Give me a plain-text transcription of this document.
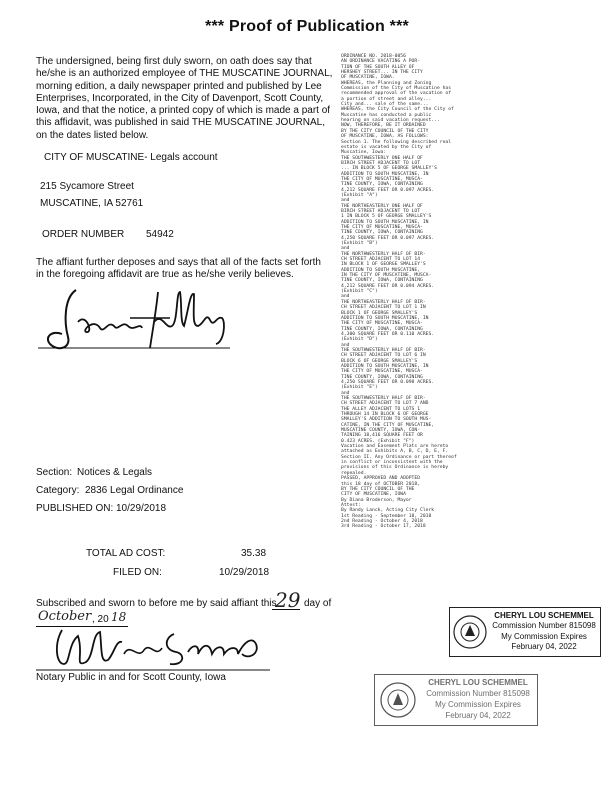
*** Proof of Publication ***
The undersigned, being first duly sworn, on oath does say that he/she is an authorized employee of THE MUSCATINE JOURNAL, morning edition, a daily newspaper printed and published by Lee Enterprises, Incorporated, in the City of Davenport, Scott County, Iowa, and that the notice, a printed copy of which is made a part of this affidavit, was published in said THE MUSCATINE JOURNAL, on the dates listed below.
CITY OF MUSCATINE- Legals account
215 Sycamore Street
MUSCATINE, IA 52761
ORDER NUMBER 54942
The affiant further deposes and says that all of the facts set forth in the foregoing affidavit are true as he/she verily believes.
Section: Notices & Legals
Category: 2836 Legal Ordinance
PUBLISHED ON: 10/29/2018
TOTAL AD COST:	35.38
FILED ON:	10/29/2018
Subscribed and sworn to before me by said affiant this
29 day of
October , 20 18
Notary Public in and for Scott County, Iowa
ORDINANCE NO. 2018-0056
AN ORDINANCE VACATING A POR-
TION OF THE SOUTH ALLEY OF
HERSHEY STREET... IN THE CITY
OF MUSCATINE, IOWA.
WHEREAS, the Planning and Zoning
Commission of the City of Muscatine has
recommended approval of the vacation of
a portion of street and alley...
City and... sale of the same...
WHEREAS, the City Council of the City of
Muscatine has conducted a public
hearing on said vacation request...
NOW, THEREFORE, BE IT ORDAINED
BY THE CITY COUNCIL OF THE CITY
OF MUSCATINE, IOWA, AS FOLLOWS:
Section 1. The following described real
estate is vacated by the City of
Muscatine, Iowa:
THE SOUTHWESTERLY ONE HALF OF
BIRCH STREET ADJACENT TO LOT
... IN BLOCK 5 OF GEORGE SMALLEY'S
ADDITION TO SOUTH MUSCATINE, IN
THE CITY OF MUSCATINE, MUSCA-
TINE COUNTY, IOWA, CONTAINING
4,212 SQUARE FEET OR 0.097 ACRES.
(Exhibit "A")
and
THE NORTHEASTERLY ONE HALF OF
BIRCH STREET ADJACENT TO LOT
1 IN BLOCK 5 OF GEORGE SMALLEY'S
ADDITION TO SOUTH MUSCATINE, IN
THE CITY OF MUSCATINE, MUSCA-
TINE COUNTY, IOWA, CONTAINING
4,250 SQUARE FEET OR 0.097 ACRES.
(Exhibit "B")
and
THE NORTHWESTERLY HALF OF BIR-
CH STREET ADJACENT TO LOT 14
IN BLOCK 1 OF GEORGE SMALLEY'S
ADDITION TO SOUTH MUSCATINE,
IN THE CITY OF MUSCATINE, MUSCA-
TINE COUNTY, IOWA, CONTAINING
4,212 SQUARE FEET OR 0.094 ACRES.
(Exhibit "C")
and
THE NORTHEASTERLY HALF OF BIR-
CH STREET ADJACENT TO LOT 1 IN
BLOCK 1 OF GEORGE SMALLEY'S
ADDITION TO SOUTH MUSCATINE, IN
THE CITY OF MUSCATINE, MUSCA-
TINE COUNTY, IOWA, CONTAINING
4,300 SQUARE FEET OR 0.110 ACRES.
(Exhibit "D")
and
THE SOUTHWESTERLY HALF OF BIR-
CH STREET ADJACENT TO LOT 6 IN
BLOCK 6 OF GEORGE SMALLEY'S
ADDITION TO SOUTH MUSCATINE, IN
THE CITY OF MUSCATINE, MUSCA-
TINE COUNTY, IOWA, CONTAINING
4,250 SQUARE FEET OR 0.098 ACRES.
(Exhibit "E")
and
THE SOUTHWESTERLY HALF OF BIR-
CH STREET ADJACENT TO LOT 7 AND
THE ALLEY ADJACENT TO LOTS 1
THROUGH 14 IN BLOCK 6 OF GEORGE
SMALLEY'S ADDITION TO SOUTH MUS-
CATINE, IN THE CITY OF MUSCATINE,
MUSCATINE COUNTY, IOWA, CON-
TAINING 18,416 SQUARE FEET OR
0.423 ACRES. (Exhibit "F")
Vacation and Easement Plats are hereto
attached as Exhibits A, B, C, D, E, F.
Section II. Any Ordinance or part thereof
in conflict or inconsistent with the
provisions of this Ordinance is hereby
repealed.
PASSED, APPROVED AND ADOPTED
this 18 day of OCTOBER 2018,
BY THE CITY COUNCIL OF THE
CITY OF MUSCATINE, IOWA
By Diana Broderson, Mayor
Attest:
By Randy Lanck, Acting City Clerk
1st Reading - September 18, 2018
2nd Reading - October 4, 2018
3rd Reading - October 17, 2018
CHERYL LOU SCHEMMEL
Commission Number 815098
My Commission Expires
February 04, 2022
CHERYL LOU SCHEMMEL
Commission Number 815098
My Commission Expires
February 04, 2022
